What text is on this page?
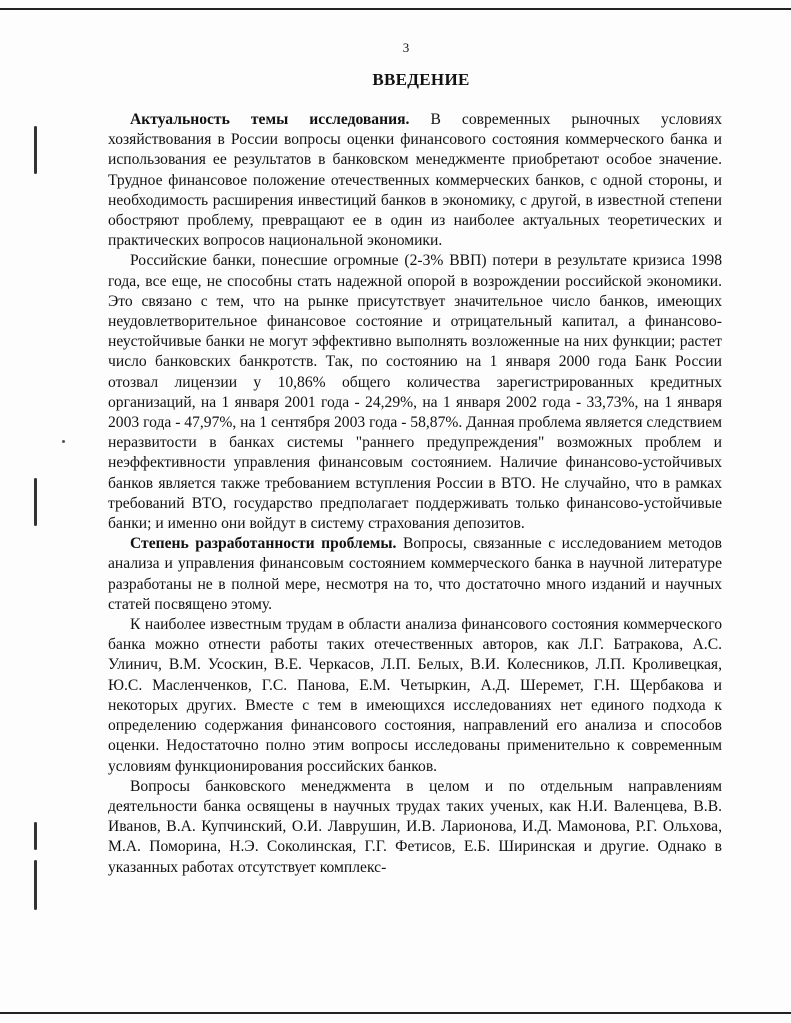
3
ВВЕДЕНИЕ

Актуальность темы исследования. В современных рыночных условиях хозяйствования в России вопросы оценки финансового состояния коммерческого банка и использования ее результатов в банковском менеджменте приобретают особое значение. Трудное финансовое положение отечественных коммерческих банков, с одной стороны, и необходимость расширения инвестиций банков в экономику, с другой, в известной степени обостряют проблему, превращают ее в один из наиболее актуальных теоретических и практических вопросов национальной экономики.

Российские банки, понесшие огромные (2-3% ВВП) потери в результате кризиса 1998 года, все еще, не способны стать надежной опорой в возрождении российской экономики. Это связано с тем, что на рынке присутствует значительное число банков, имеющих неудовлетворительное финансовое состояние и отрицательный капитал, а финансово-неустойчивые банки не могут эффективно выполнять возложенные на них функции; растет число банковских банкротств. Так, по состоянию на 1 января 2000 года Банк России отозвал лицензии у 10,86% общего количества зарегистрированных кредитных организаций, на 1 января 2001 года - 24,29%, на 1 января 2002 года - 33,73%, на 1 января 2003 года - 47,97%, на 1 сентября 2003 года - 58,87%. Данная проблема является следствием неразвитости в банках системы "раннего предупреждения" возможных проблем и неэффективности управления финансовым состоянием. Наличие финансово-устойчивых банков является также требованием вступления России в ВТО. Не случайно, что в рамках требований ВТО, государство предполагает поддерживать только финансово-устойчивые банки; и именно они войдут в систему страхования депозитов.

Степень разработанности проблемы. Вопросы, связанные с исследованием методов анализа и управления финансовым состоянием коммерческого банка в научной литературе разработаны не в полной мере, несмотря на то, что достаточно много изданий и научных статей посвящено этому.

К наиболее известным трудам в области анализа финансового состояния коммерческого банка можно отнести работы таких отечественных авторов, как Л.Г. Батракова, А.С. Улинич, В.М. Усоскин, В.Е. Черкасов, Л.П. Белых, В.И. Колесников, Л.П. Кроливецкая, Ю.С. Масленченков, Г.С. Панова, Е.М. Четыркин, А.Д. Шеремет, Г.Н. Щербакова и некоторых других. Вместе с тем в имеющихся исследованиях нет единого подхода к определению содержания финансового состояния, направлений его анализа и способов оценки. Недостаточно полно этим вопросы исследованы применительно к современным условиям функционирования российских банков.

Вопросы банковского менеджмента в целом и по отдельным направлениям деятельности банка освящены в научных трудах таких ученых, как Н.И. Валенцева, В.В. Иванов, В.А. Купчинский, О.И. Лаврушин, И.В. Ларионова, И.Д. Мамонова, Р.Г. Ольхова, М.А. Поморина, Н.Э. Соколинская, Г.Г. Фетисов, Е.Б. Ширинская и другие. Однако в указанных работах отсутствует комплекс-
